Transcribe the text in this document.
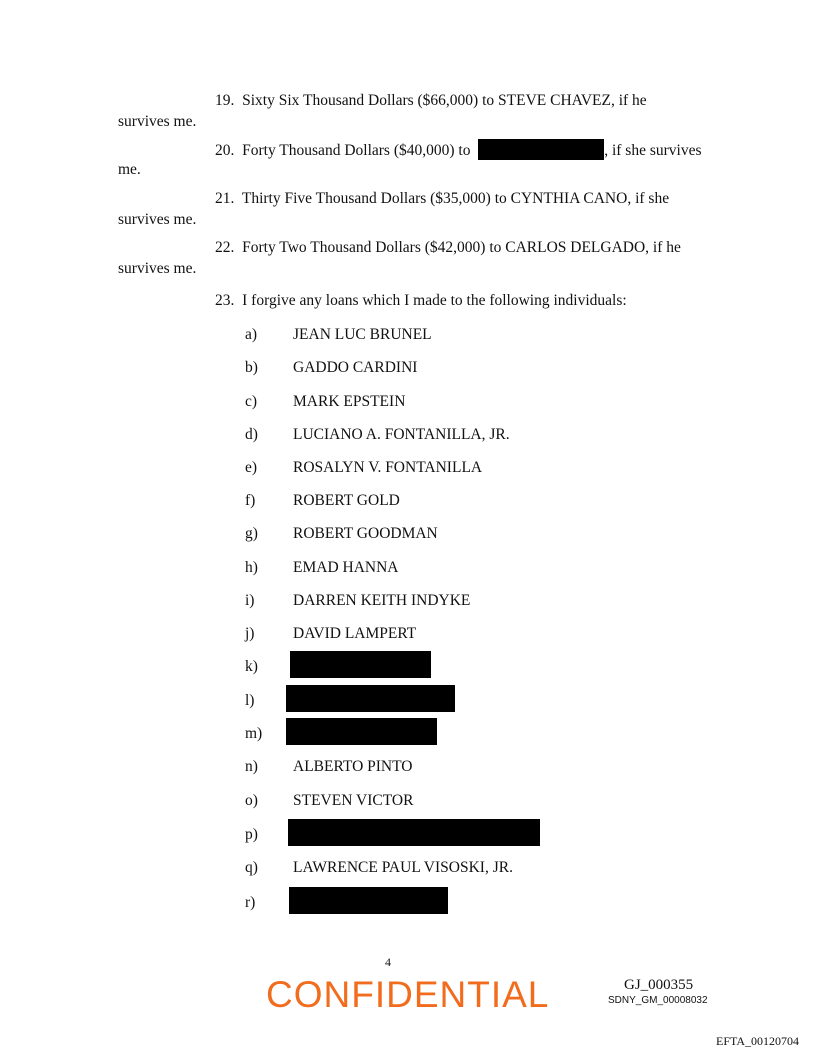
19. Sixty Six Thousand Dollars ($66,000) to STEVE CHAVEZ, if he
survives me.
20. Forty Thousand Dollars ($40,000) to	, if she survives
me.
21. Thirty Five Thousand Dollars ($35,000) to CYNTHIA CANO, if she
survives me.
22. Forty Two Thousand Dollars ($42,000) to CARLOS DELGADO, if he
survives me.
23. I forgive any loans which I made to the following individuals:
a) JEAN LUC BRUNEL
b) GADDO CARDINI
c) MARK EPSTEIN
d) LUCIANO A. FONTANILLA, JR.
e) ROSALYN V. FONTANILLA
f) ROBERT GOLD
g) ROBERT GOODMAN
h) EMAD HANNA
i) DARREN KEITH INDYKE
j) DAVID LAMPERT
k)
l)
m)
n) ALBERTO PINTO
o) STEVEN VICTOR
p)
q) LAWRENCE PAUL VISOSKI, JR.
r)
4
CONFIDENTIAL	GJ_000355
SDNY_GM_00008032
EFTA_00120704
